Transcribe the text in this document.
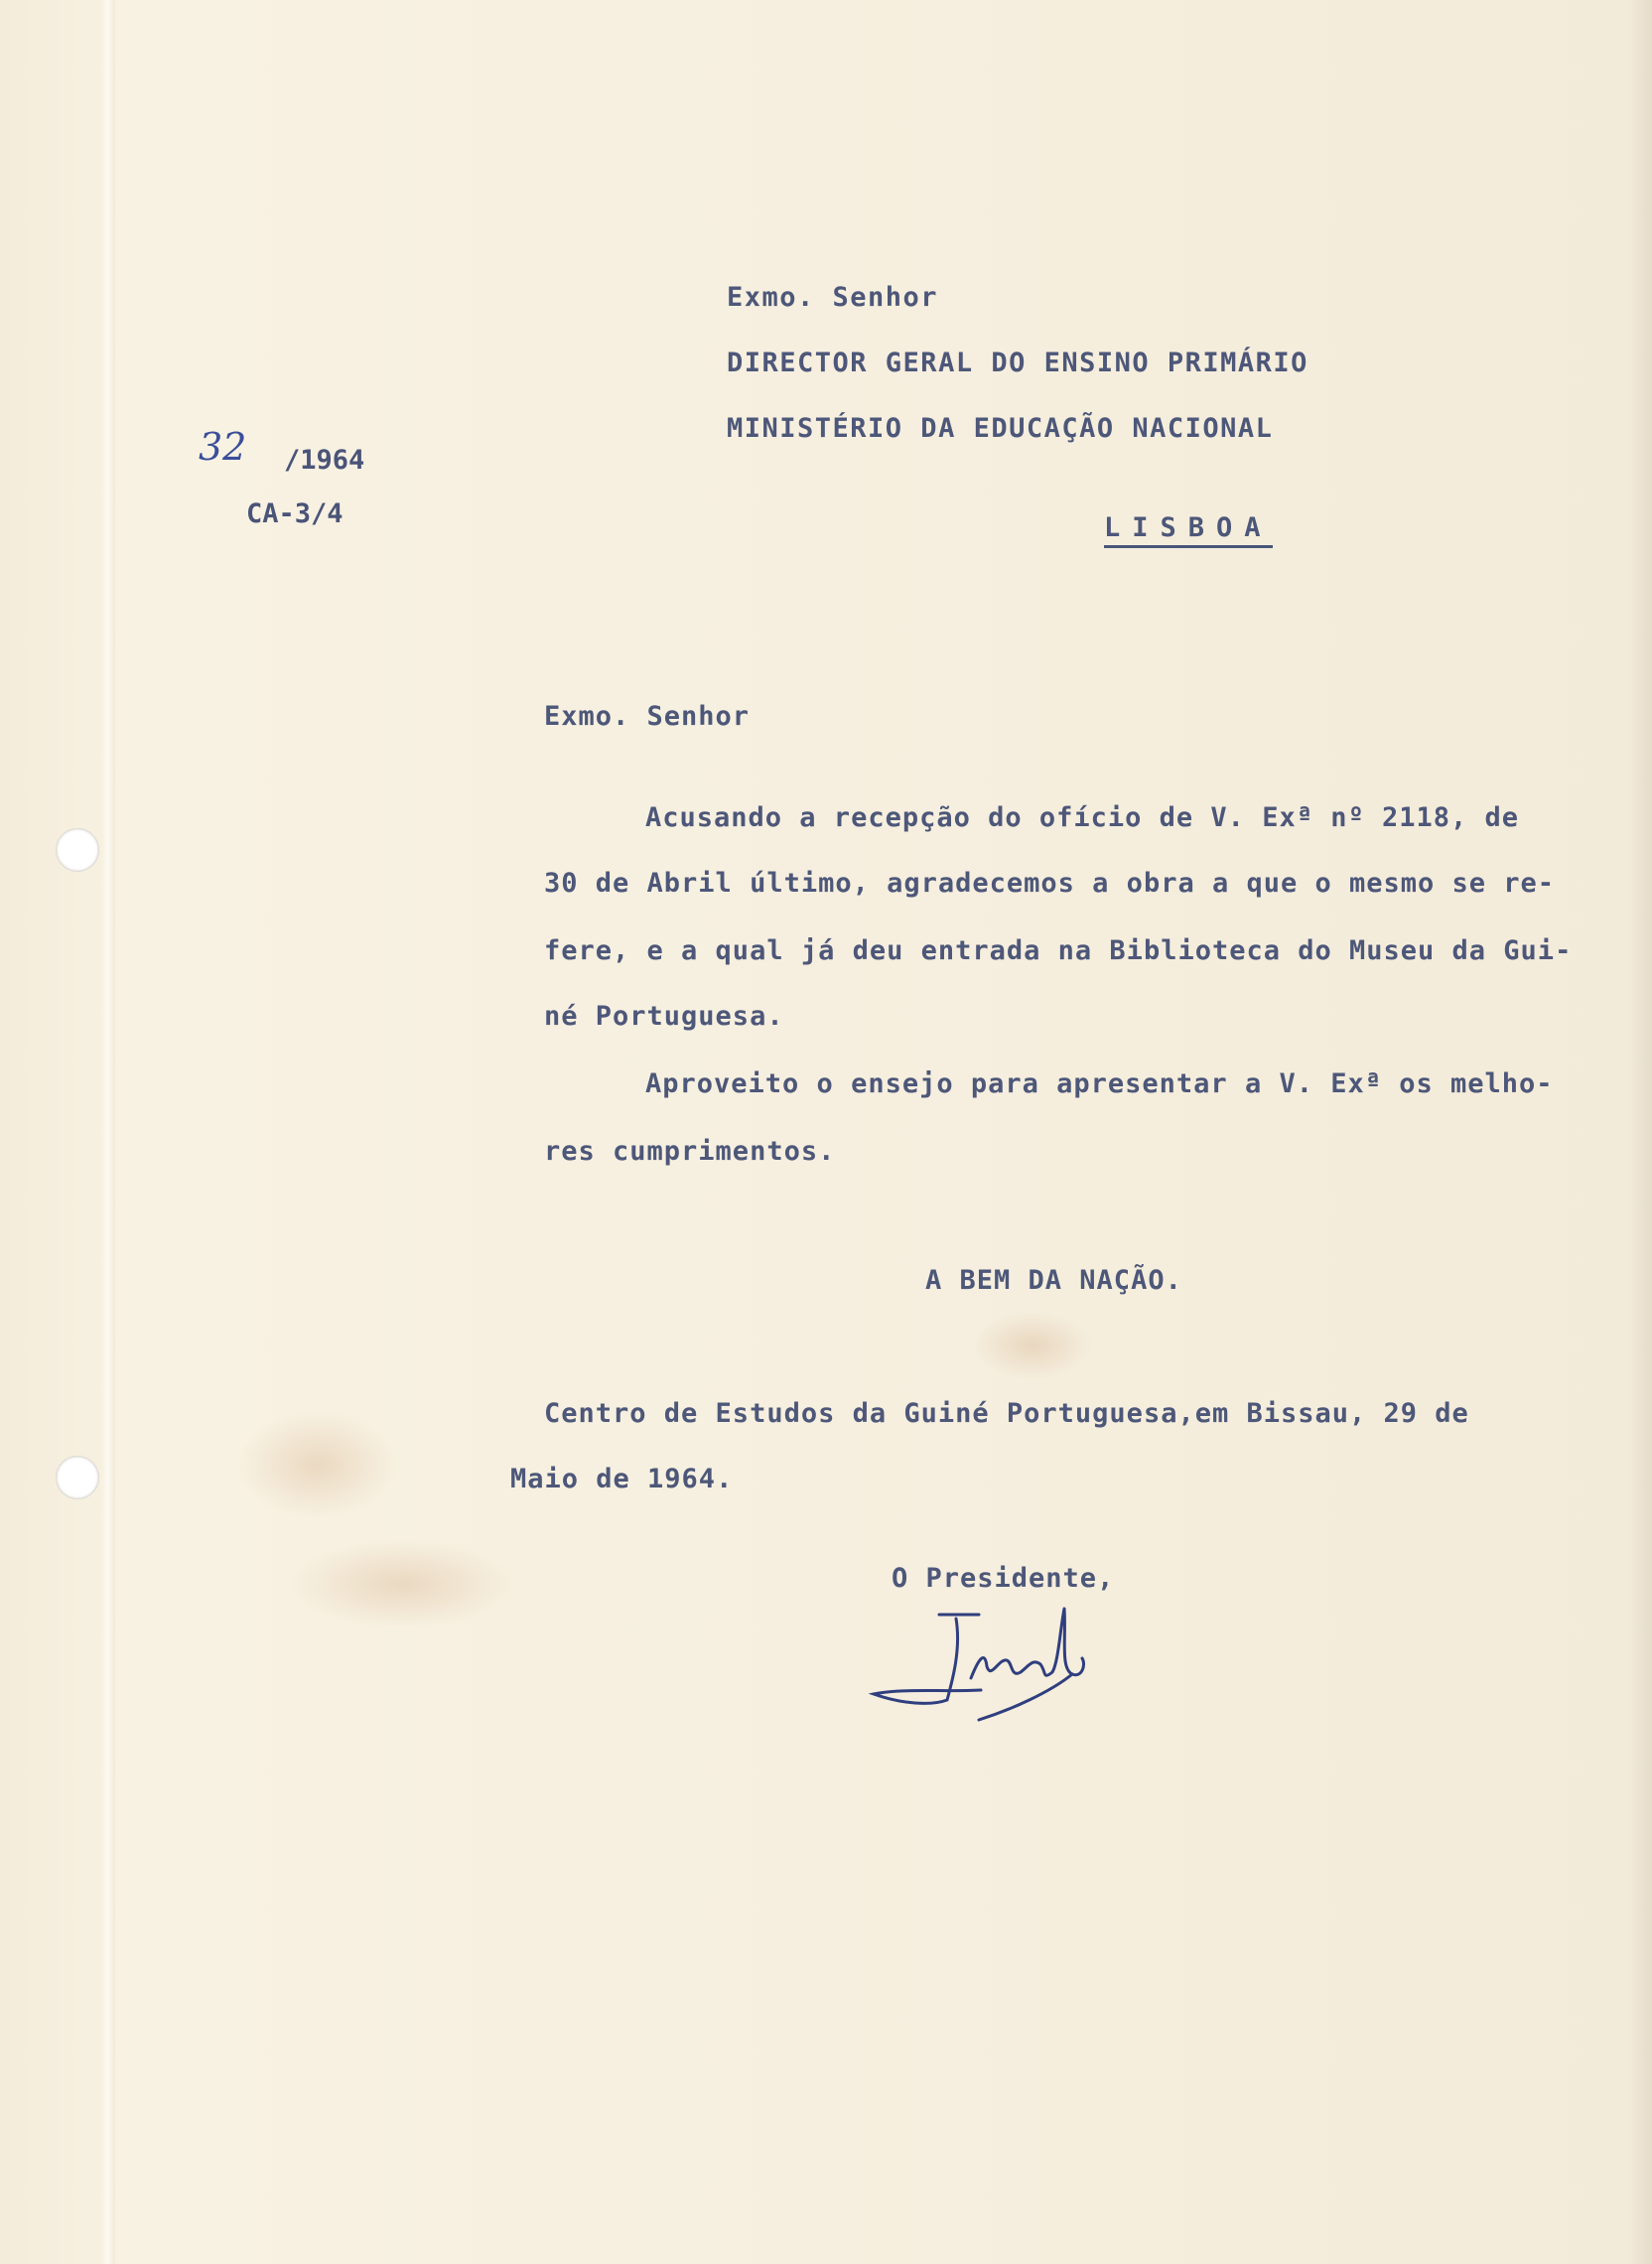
Exmo. Senhor
DIRECTOR GERAL DO ENSINO PRIMÁRIO
MINISTÉRIO DA EDUCAÇÃO NACIONAL
LISBOA
32 /1964
CA-3/4
Exmo. Senhor
Acusando a recepção do ofício de V. Exª nº 2118, de
30 de Abril último, agradecemos a obra a que o mesmo se re-
fere, e a qual já deu entrada na Biblioteca do Museu da Gui-
né Portuguesa.
Aproveito o ensejo para apresentar a V. Exª os melho-
res cumprimentos.
A BEM DA NAÇÃO.
Centro de Estudos da Guiné Portuguesa,em Bissau, 29 de
Maio de 1964.
O Presidente,
